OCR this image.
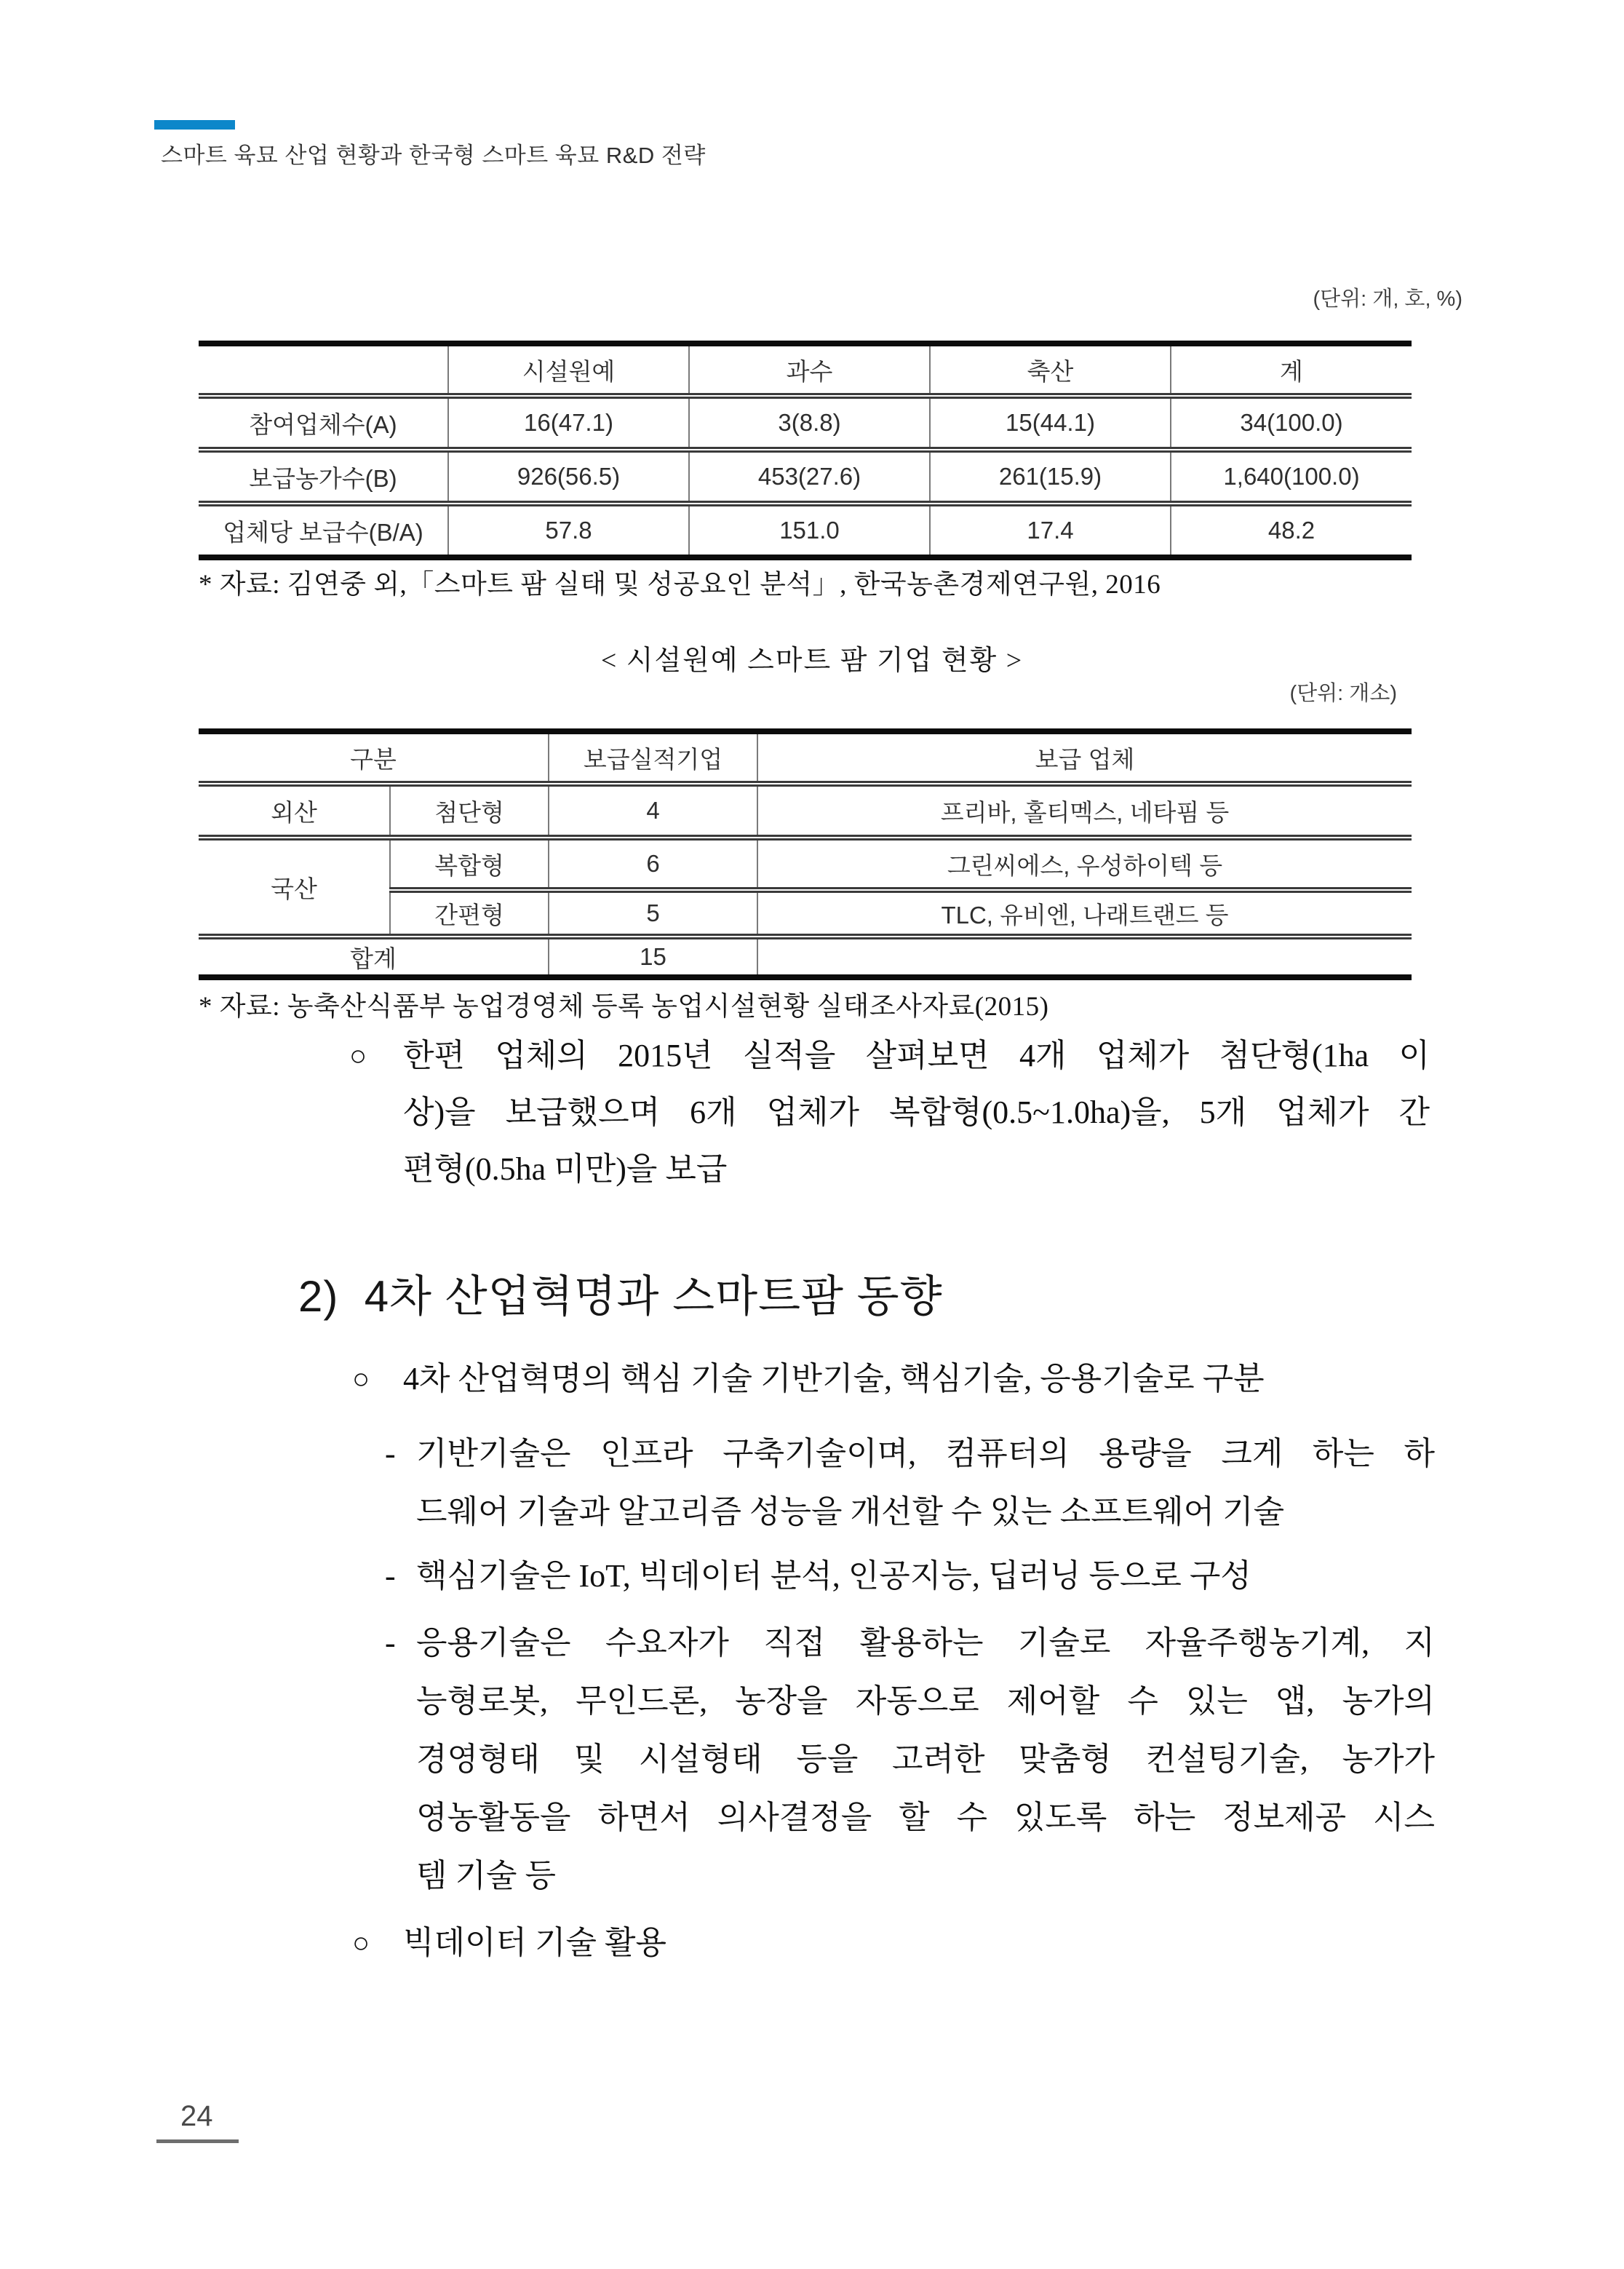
스마트 육묘 산업 현황과 한국형 스마트 육묘 R&D 전략
(단위: 개, 호, %)
	시설원예	과수	축산	계
참여업체수(A)	16(47.1)	3(8.8)	15(44.1)	34(100.0)
보급농가수(B)	926(56.5)	453(27.6)	261(15.9)	1,640(100.0)
업체당 보급수(B/A)	57.8	151.0	17.4	48.2
* 자료: 김연중 외,「스마트 팜 실태 및 성공요인 분석」, 한국농촌경제연구원, 2016
< 시설원예 스마트 팜 기업 현황 >
(단위: 개소)
구분		보급실적기업	보급 업체
외산	첨단형	4	프리바, 홀티멕스, 네타핌 등
국산	복합형	6	그린씨에스, 우성하이텍 등
	간편형	5	TLC, 유비엔, 나래트랜드 등
합계		15	
* 자료: 농축산식품부 농업경영체 등록 농업시설현황 실태조사자료(2015)
○ 한편 업체의 2015년 실적을 살펴보면 4개 업체가 첨단형(1ha 이
상)을 보급했으며 6개 업체가 복합형(0.5~1.0ha)을, 5개 업체가 간
편형(0.5ha 미만)을 보급
2)  4차 산업혁명과 스마트팜 동향
○ 4차 산업혁명의 핵심 기술 기반기술, 핵심기술, 응용기술로 구분
- 기반기술은 인프라 구축기술이며, 컴퓨터의 용량을 크게 하는 하
드웨어 기술과 알고리즘 성능을 개선할 수 있는 소프트웨어 기술
- 핵심기술은 IoT, 빅데이터 분석, 인공지능, 딥러닝 등으로 구성
- 응용기술은 수요자가 직접 활용하는 기술로 자율주행농기계, 지
능형로봇, 무인드론, 농장을 자동으로 제어할 수 있는 앱, 농가의
경영형태 및 시설형태 등을 고려한 맞춤형 컨설팅기술, 농가가
영농활동을 하면서 의사결정을 할 수 있도록 하는 정보제공 시스
템 기술 등
○ 빅데이터 기술 활용
24
